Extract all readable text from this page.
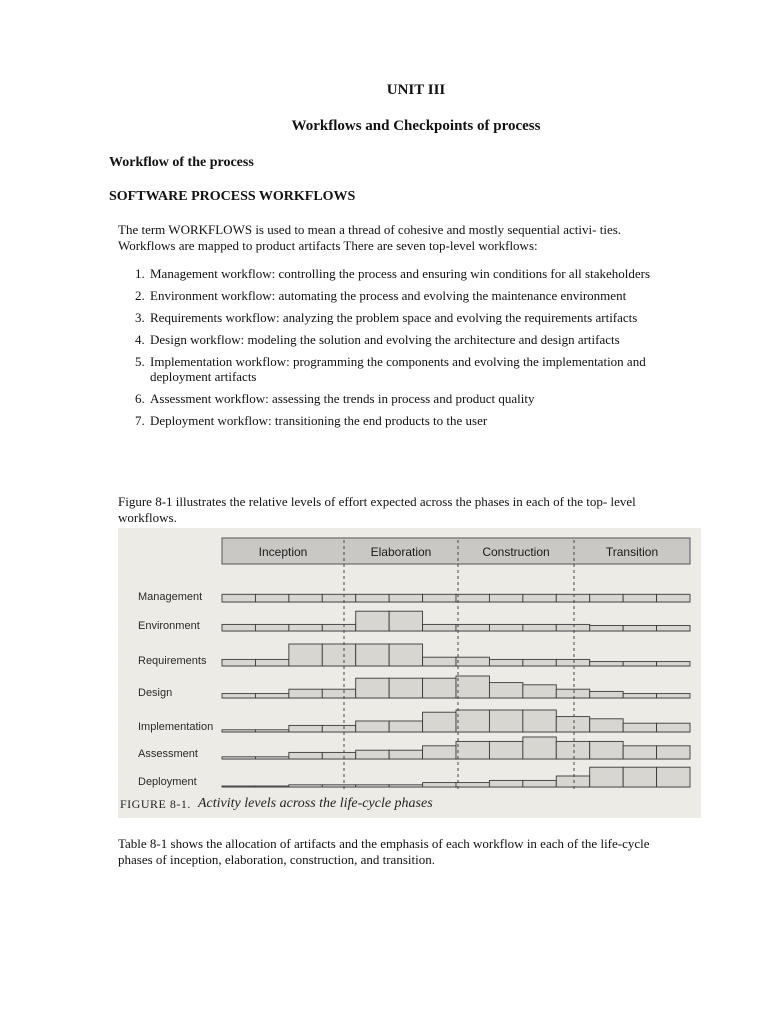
UNIT III
Workflows and Checkpoints of process
Workflow of the process
SOFTWARE PROCESS WORKFLOWS
The term WORKFLOWS is used to mean a thread of cohesive and mostly sequential activi- ties. Workflows are mapped to product artifacts There are seven top-level workflows:
1. Management workflow: controlling the process and ensuring win conditions for all stakeholders
2. Environment workflow: automating the process and evolving the maintenance environment
3. Requirements workflow: analyzing the problem space and evolving the requirements artifacts
4. Design workflow: modeling the solution and evolving the architecture and design artifacts
5. Implementation workflow: programming the components and evolving the implementation and deployment artifacts
6. Assessment workflow: assessing the trends in process and product quality
7. Deployment workflow: transitioning the end products to the user
Figure 8-1 illustrates the relative levels of effort expected across the phases in each of the top- level workflows.
Inception	Elaboration	Construction	Transition
Management
Environment
Requirements
Design
Implementation
Assessment
Deployment
FIGURE 8-1. Activity levels across the life-cycle phases
Table 8-1 shows the allocation of artifacts and the emphasis of each workflow in each of the life-cycle phases of inception, elaboration, construction, and transition.
